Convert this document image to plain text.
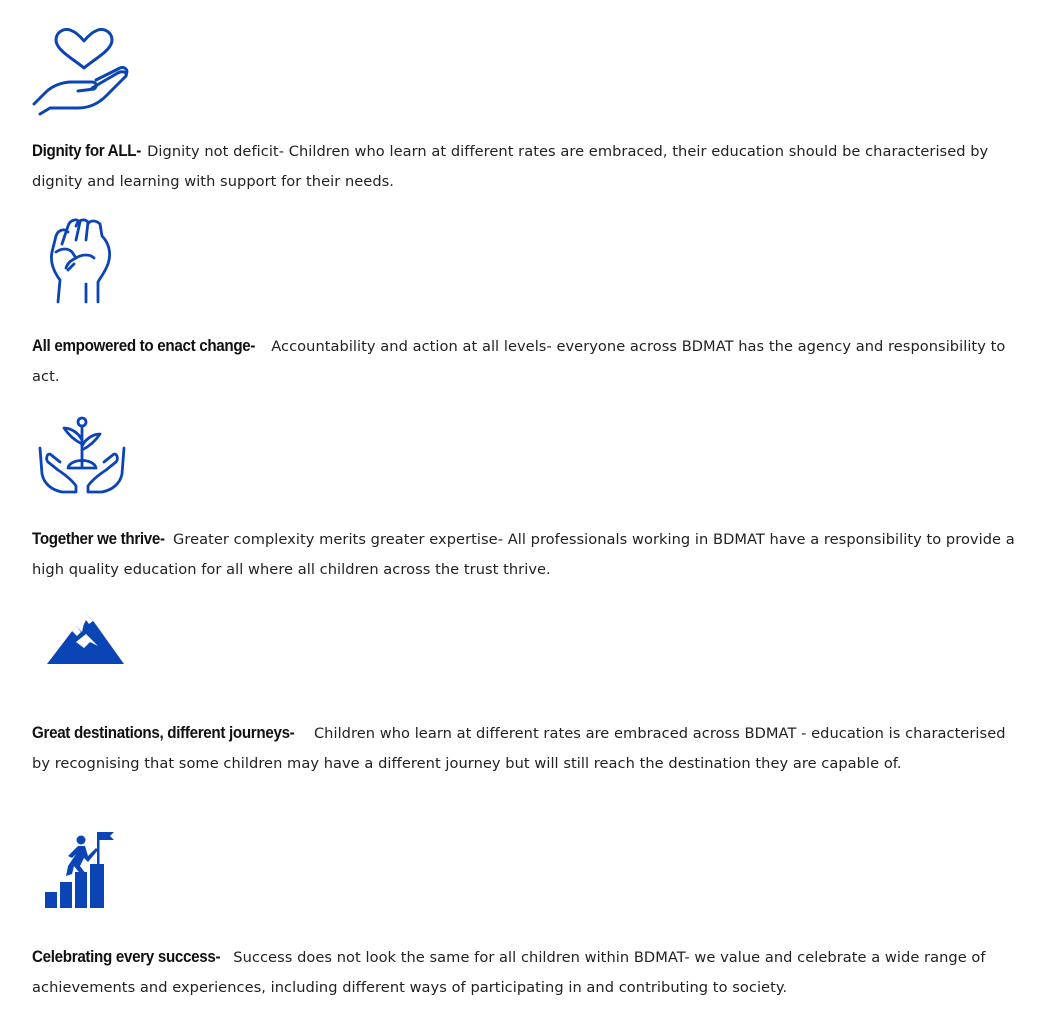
Dignity for ALL- Dignity not deficit- Children who learn at different rates are embraced, their education should be characterised by dignity and learning with support for their needs.
All empowered to enact change- Accountability and action at all levels- everyone across BDMAT has the agency and responsibility to act.
Together we thrive- Greater complexity merits greater expertise- All professionals working in BDMAT have a responsibility to provide a high quality education for all where all children across the trust thrive.
Great destinations, different journeys- Children who learn at different rates are embraced across BDMAT - education is characterised by recognising that some children may have a different journey but will still reach the destination they are capable of.
Celebrating every success- Success does not look the same for all children within BDMAT- we value and celebrate a wide range of achievements and experiences, including different ways of participating in and contributing to society.
